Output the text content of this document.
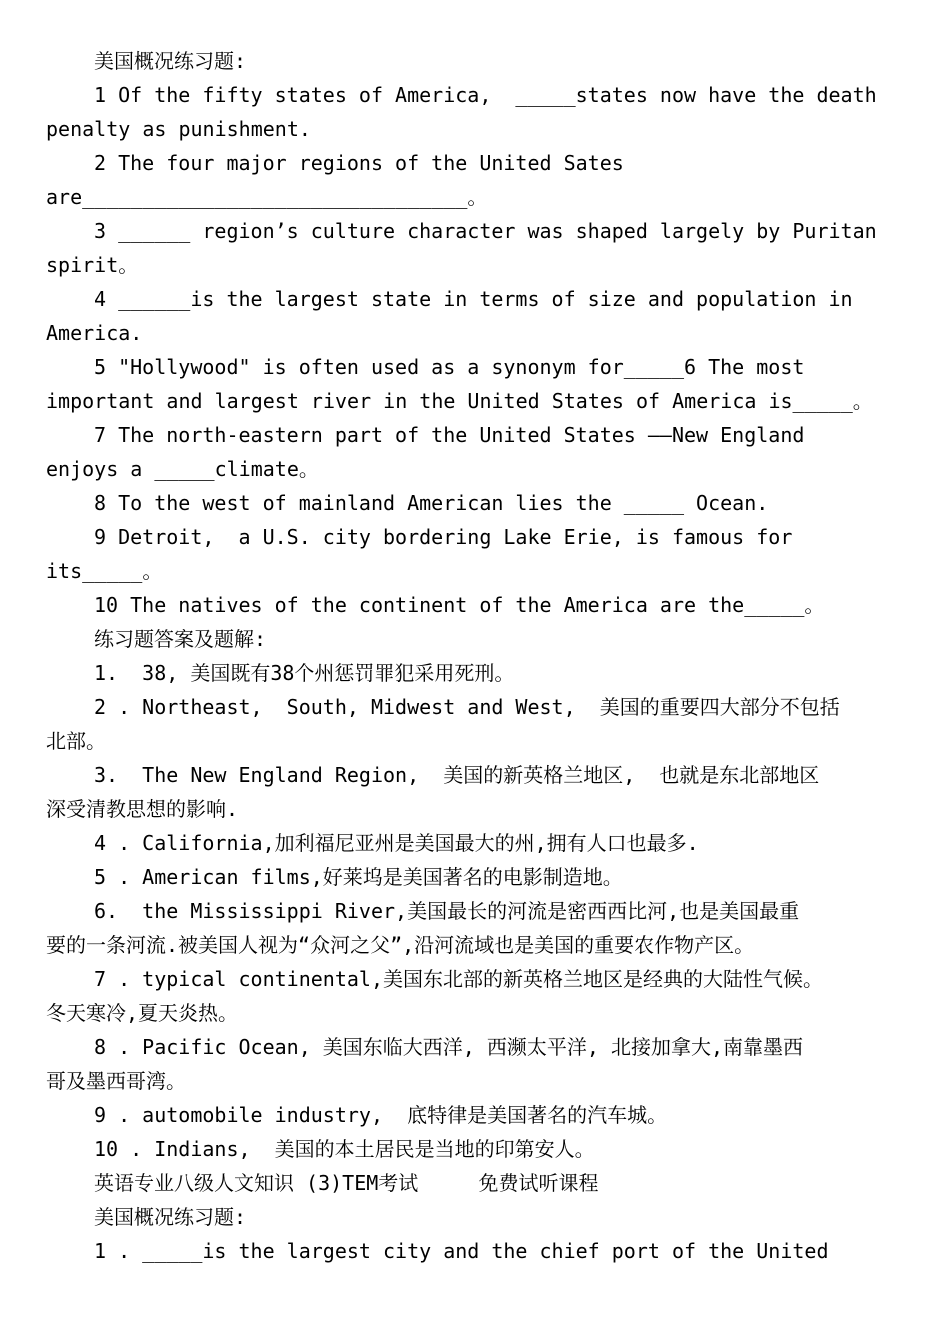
美国概况练习题:
1 Of the fifty states of America,  _____states now have the death
penalty as punishment.
2 The four major regions of the United Sates
are________________________________。
3 ______ region’s culture character was shaped largely by Puritan
spirit。
4 ______is the largest state in terms of size and population in
America.
5 "Hollywood" is often used as a synonym for_____6 The most
important and largest river in the United States of America is_____。
7 The north-eastern part of the United States ——New England
enjoys a _____climate。
8 To the west of mainland American lies the _____ Ocean.
9 Detroit,  a U.S. city bordering Lake Erie, is famous for
its_____。
10 The natives of the continent of the America are the_____。
练习题答案及题解:
1.  38, 美国既有38个州惩罚罪犯采用死刑。
2 . Northeast,  South, Midwest and West,  美国的重要四大部分不包括
北部。
3.  The New England Region,  美国的新英格兰地区,  也就是东北部地区
深受清教思想的影响.
4 . California,加利福尼亚州是美国最大的州,拥有人口也最多.
5 . American films,好莱坞是美国著名的电影制造地。
6.  the Mississippi River,美国最长的河流是密西西比河,也是美国最重
要的一条河流.被美国人视为“众河之父”,沿河流域也是美国的重要农作物产区。
7 . typical continental,美国东北部的新英格兰地区是经典的大陆性气候。
冬天寒冷,夏天炎热。
8 . Pacific Ocean, 美国东临大西洋, 西濒太平洋, 北接加拿大,南靠墨西
哥及墨西哥湾。
9 . automobile industry,  底特律是美国著名的汽车城。
10 . Indians,  美国的本土居民是当地的印第安人。
英语专业八级人文知识 (3)TEM考试     免费试听课程
美国概况练习题:
1 . _____is the largest city and the chief port of the United
